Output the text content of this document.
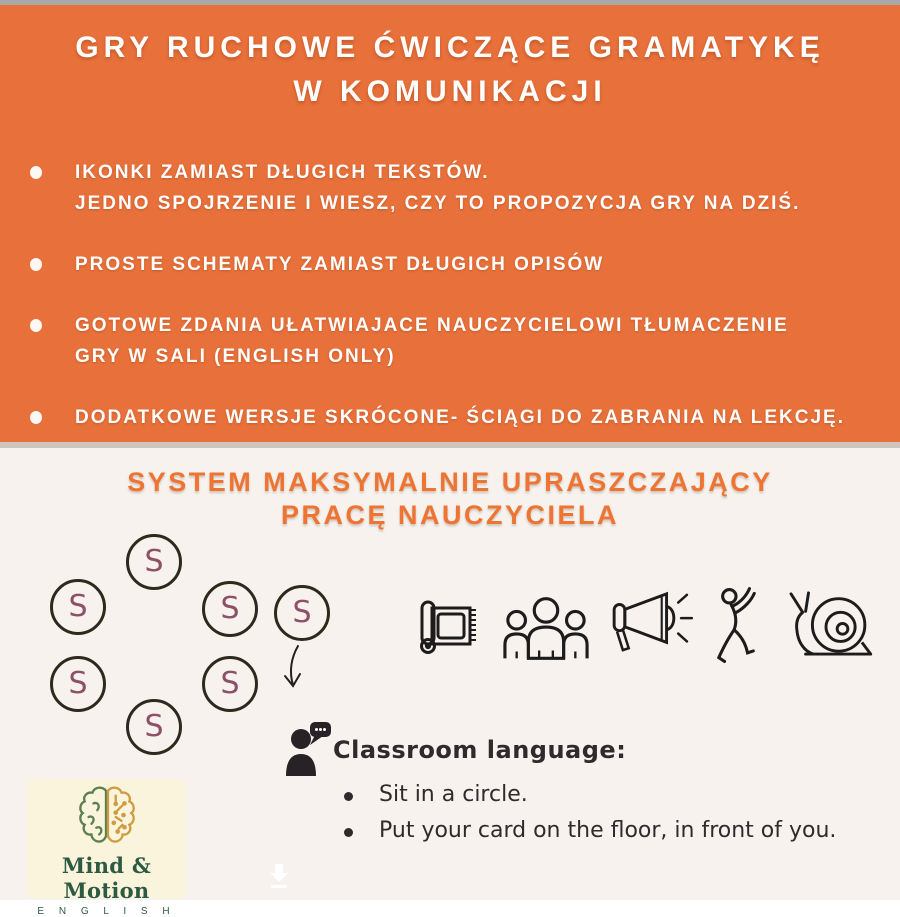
GRY RUCHOWE ĆWICZĄCE GRAMATYKĘ
W KOMUNIKACJI
IKONKI ZAMIAST DŁUGICH TEKSTÓW.
JEDNO SPOJRZENIE I WIESZ, CZY TO PROPOZYCJA GRY NA DZIŚ.
PROSTE SCHEMATY ZAMIAST DŁUGICH OPISÓW
GOTOWE ZDANIA UŁATWIAJACE NAUCZYCIELOWI TŁUMACZENIE
GRY W SALI (ENGLISH ONLY)
DODATKOWE WERSJE SKRÓCONE- ŚCIĄGI DO ZABRANIA NA LEKCJĘ.
SYSTEM MAKSYMALNIE UPRASZCZAJĄCY
PRACĘ NAUCZYCIELA
S
S	S S
S	S
S
Classroom language:
Sit in a circle.
Put your card on the floor, in front of you.
Mind & Motion
E N G L I S H
